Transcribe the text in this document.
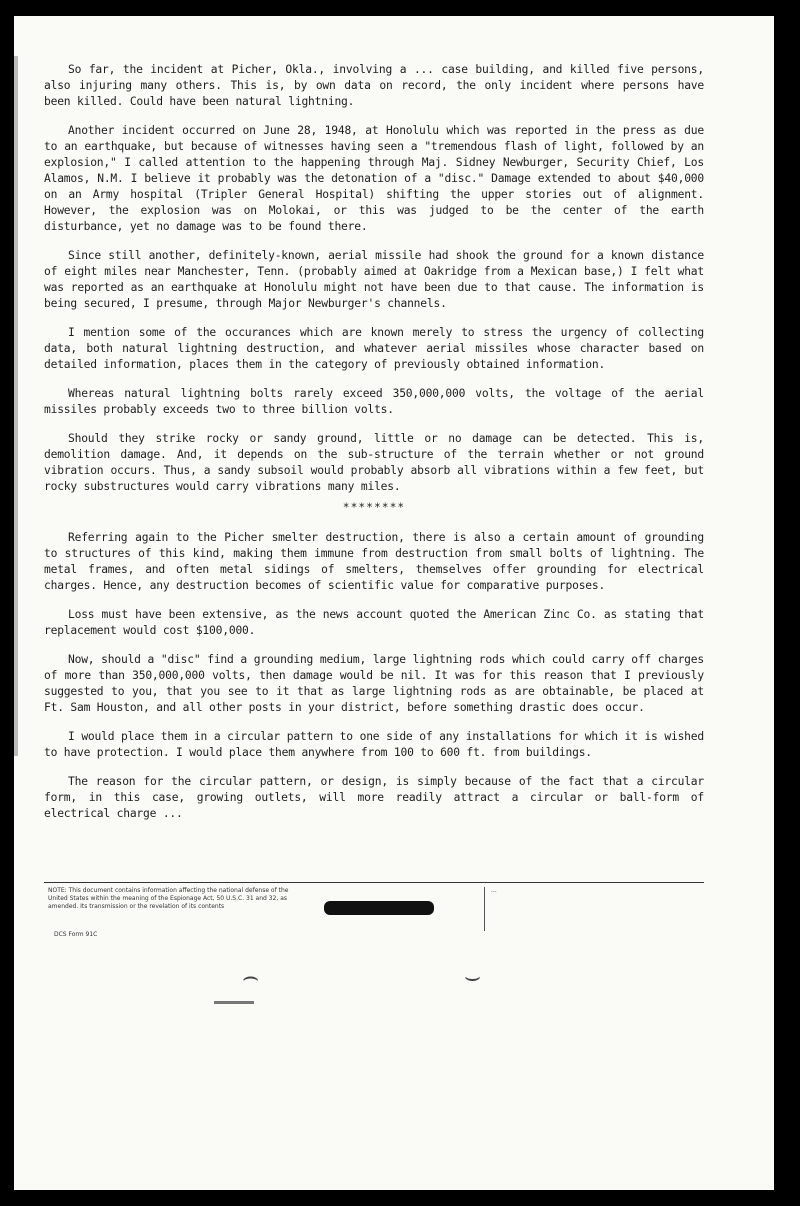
So far, the incident at Picher, Okla., involving a ... case building, and killed five persons, also injuring many others. This is, by own data on record, the only incident where persons have been killed. Could have been natural lightning.

Another incident occurred on June 28, 1948, at Honolulu which was reported in the press as due to an earthquake, but because of witnesses having seen a "tremendous flash of light, followed by an explosion," I called attention to the happening through Maj. Sidney Newburger, Security Chief, Los Alamos, N.M. I believe it probably was the detonation of a "disc." Damage extended to about $40,000 on an Army hospital (Tripler General Hospital) shifting the upper stories out of alignment. However, the explosion was on Molokai, or this was judged to be the center of the earth disturbance, yet no damage was to be found there.

Since still another, definitely-known, aerial missile had shook the ground for a known distance of eight miles near Manchester, Tenn. (probably aimed at Oakridge from a Mexican base,) I felt what was reported as an earthquake at Honolulu might not have been due to that cause. The information is being secured, I presume, through Major Newburger's channels.

I mention some of the occurances which are known merely to stress the urgency of collecting data, both natural lightning destruction, and whatever aerial missiles whose character based on detailed information, places them in the category of previously obtained information.

Whereas natural lightning bolts rarely exceed 350,000,000 volts, the voltage of the aerial missiles probably exceeds two to three billion volts.

Should they strike rocky or sandy ground, little or no damage can be detected. This is, demolition damage. And, it depends on the sub-structure of the terrain whether or not ground vibration occurs. Thus, a sandy subsoil would probably absorb all vibrations within a few feet, but rocky substructures would carry vibrations many miles.

********

Referring again to the Picher smelter destruction, there is also a certain amount of grounding to structures of this kind, making them immune from destruction from small bolts of lightning. The metal frames, and often metal sidings of smelters, themselves offer grounding for electrical charges. Hence, any destruction becomes of scientific value for comparative purposes.

Loss must have been extensive, as the news account quoted the American Zinc Co. as stating that replacement would cost $100,000.

Now, should a "disc" find a grounding medium, large lightning rods which could carry off charges of more than 350,000,000 volts, then damage would be nil. It was for this reason that I previously suggested to you, that you see to it that as large lightning rods as are obtainable, be placed at Ft. Sam Houston, and all other posts in your district, before something drastic does occur.

I would place them in a circular pattern to one side of any installations for which it is wished to have protection. I would place them anywhere from 100 to 600 ft. from buildings.

The reason for the circular pattern, or design, is simply because of the fact that a circular form, in this case, growing outlets, will more readily attract a circular or ball-form of electrical charge ...

NOTE: This document contains information affecting the national defense of the United States within the meaning of the Espionage Act, 50 U.S.C. 31 and 32, as amended. Its transmission or the revelation of its contents
...
DCS Form 91C
⌢	⌣
